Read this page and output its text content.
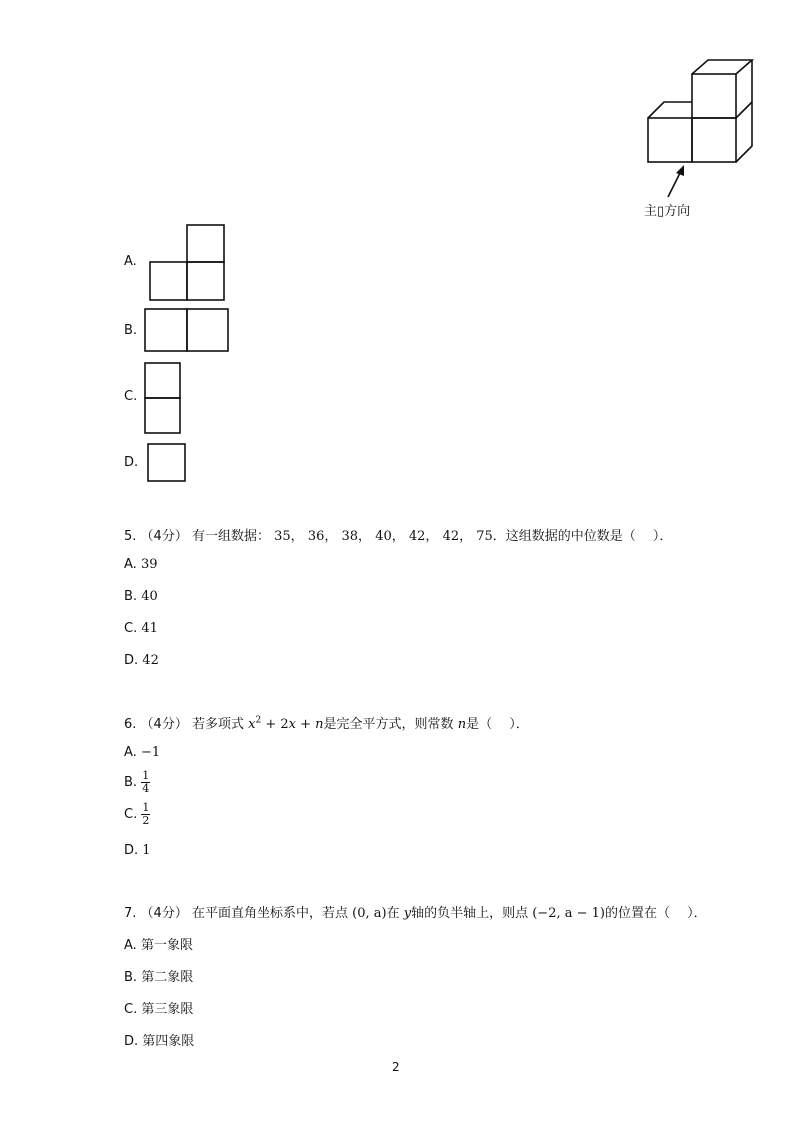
主▯方向
A.
B.
C.
D.
5. （4分） 有一组数据： 35， 36， 38， 40， 42， 42， 75．这组数据的中位数是（　 ）．
A. 39
B. 40
C. 41
D. 42
6. （4分） 若多项式 $x^2 + 2x + n$是完全平方式，则常数 n是（　 ）．
A. −1
B. $\frac{1}{4}$
C. $\frac{1}{2}$
D. 1
7. （4分） 在平面直角坐标系中，若点 (0, a)在 y轴的负半轴上，则点 (−2, a − 1)的位置在（　 ）．
A. 第一象限
B. 第二象限
C. 第三象限
D. 第四象限
2
